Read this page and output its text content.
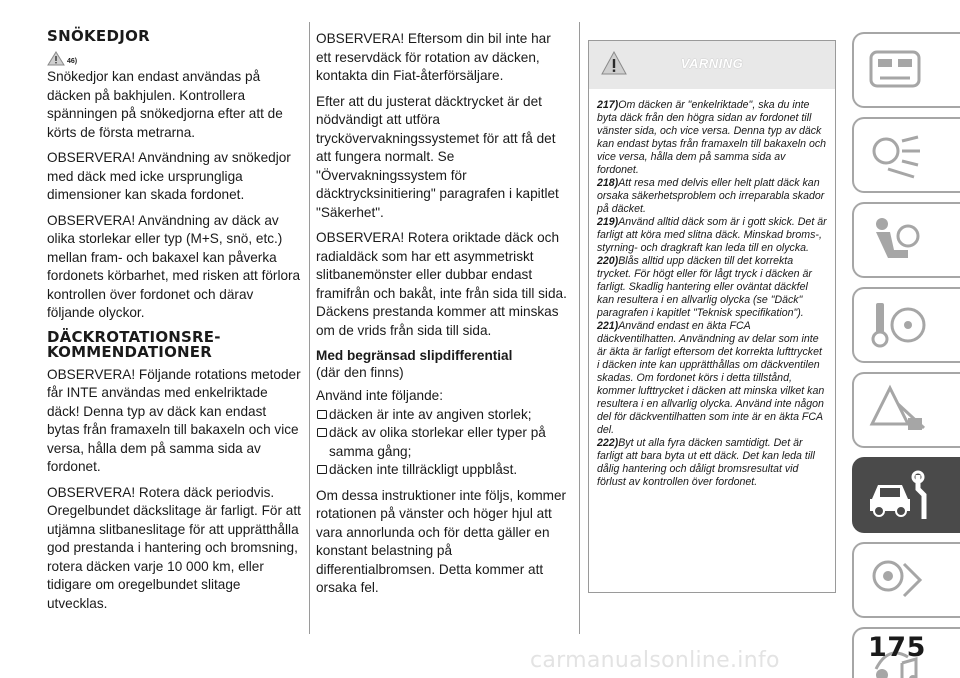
SNÖKEDJOR
46)

Snökedjor kan endast användas på däcken på bakhjulen. Kontrollera spänningen på snökedjorna efter att de körts de första metrarna.

OBSERVERA! Användning av snökedjor med däck med icke ursprungliga dimensioner kan skada fordonet.

OBSERVERA! Användning av däck av olika storlekar eller typ (M+S, snö, etc.) mellan fram- och bakaxel kan påverka fordonets körbarhet, med risken att förlora kontrollen över fordonet och därav följande olyckor.

DÄCKROTATIONSRE-
KOMMENDATIONER

OBSERVERA! Följande rotations metoder får INTE användas med enkelriktade däck! Denna typ av däck kan endast bytas från framaxeln till bakaxeln och vice versa, hålla dem på samma sida av fordonet.

OBSERVERA! Rotera däck periodvis. Oregelbundet däckslitage är farligt. För att utjämna slitbaneslitage för att upprätthålla god prestanda i hantering och bromsning, rotera däcken varje 10 000 km, eller tidigare om oregelbundet slitage utvecklas.

OBSERVERA! Eftersom din bil inte har ett reservdäck för rotation av däcken, kontakta din Fiat-återförsäljare.

Efter att du justerat däcktrycket är det nödvändigt att utföra tryckövervakningssystemet för att få det att fungera normalt. Se "Övervakningssystem för däcktrycksinitiering" paragrafen i kapitlet "Säkerhet".

OBSERVERA! Rotera oriktade däck och radialdäck som har ett asymmetriskt slitbanemönster eller dubbar endast framifrån och bakåt, inte från sida till sida. Däckens prestanda kommer att minskas om de vrids från sida till sida.

Med begränsad slipdifferential
(där den finns)
Använd inte följande:
däcken är inte av angiven storlek;
däck av olika storlekar eller typer på samma gång;
däcken inte tillräckligt uppblåst.

Om dessa instruktioner inte följs, kommer rotationen på vänster och höger hjul att vara annorlunda och för detta gäller en konstant belastning på differentialbromsen. Detta kommer att orsaka fel.

VARNING
217)Om däcken är "enkelriktade", ska du inte byta däck från den högra sidan av fordonet till vänster sida, och vice versa. Denna typ av däck kan endast bytas från framaxeln till bakaxeln och vice versa, hålla dem på samma sida av fordonet.
218)Att resa med delvis eller helt platt däck kan orsaka säkerhetsproblem och irreparabla skador på däcket.
219)Använd alltid däck som är i gott skick. Det är farligt att köra med slitna däck. Minskad broms-, styrning- och dragkraft kan leda till en olycka.
220)Blås alltid upp däcken till det korrekta trycket. För högt eller för lågt tryck i däcken är farligt. Skadlig hantering eller oväntat däckfel kan resultera i en allvarlig olycka (se "Däck" paragrafen i kapitlet "Teknisk specifikation").
221)Använd endast en äkta FCA däckventilhatten. Användning av delar som inte är äkta är farligt eftersom det korrekta lufttrycket i däcken inte kan upprätthållas om däckventilen skadas. Om fordonet körs i detta tillstånd, kommer lufttrycket i däcken att minska vilket kan resultera i en allvarlig olycka. Använd inte någon del för däckventilhatten som inte är en äkta FCA del.
222)Byt ut alla fyra däcken samtidigt. Det är farligt att bara byta ut ett däck. Det kan leda till dålig hantering och dåligt bromsresultat vid förlust av kontrollen över fordonet.
carmanualsonline.info	175
